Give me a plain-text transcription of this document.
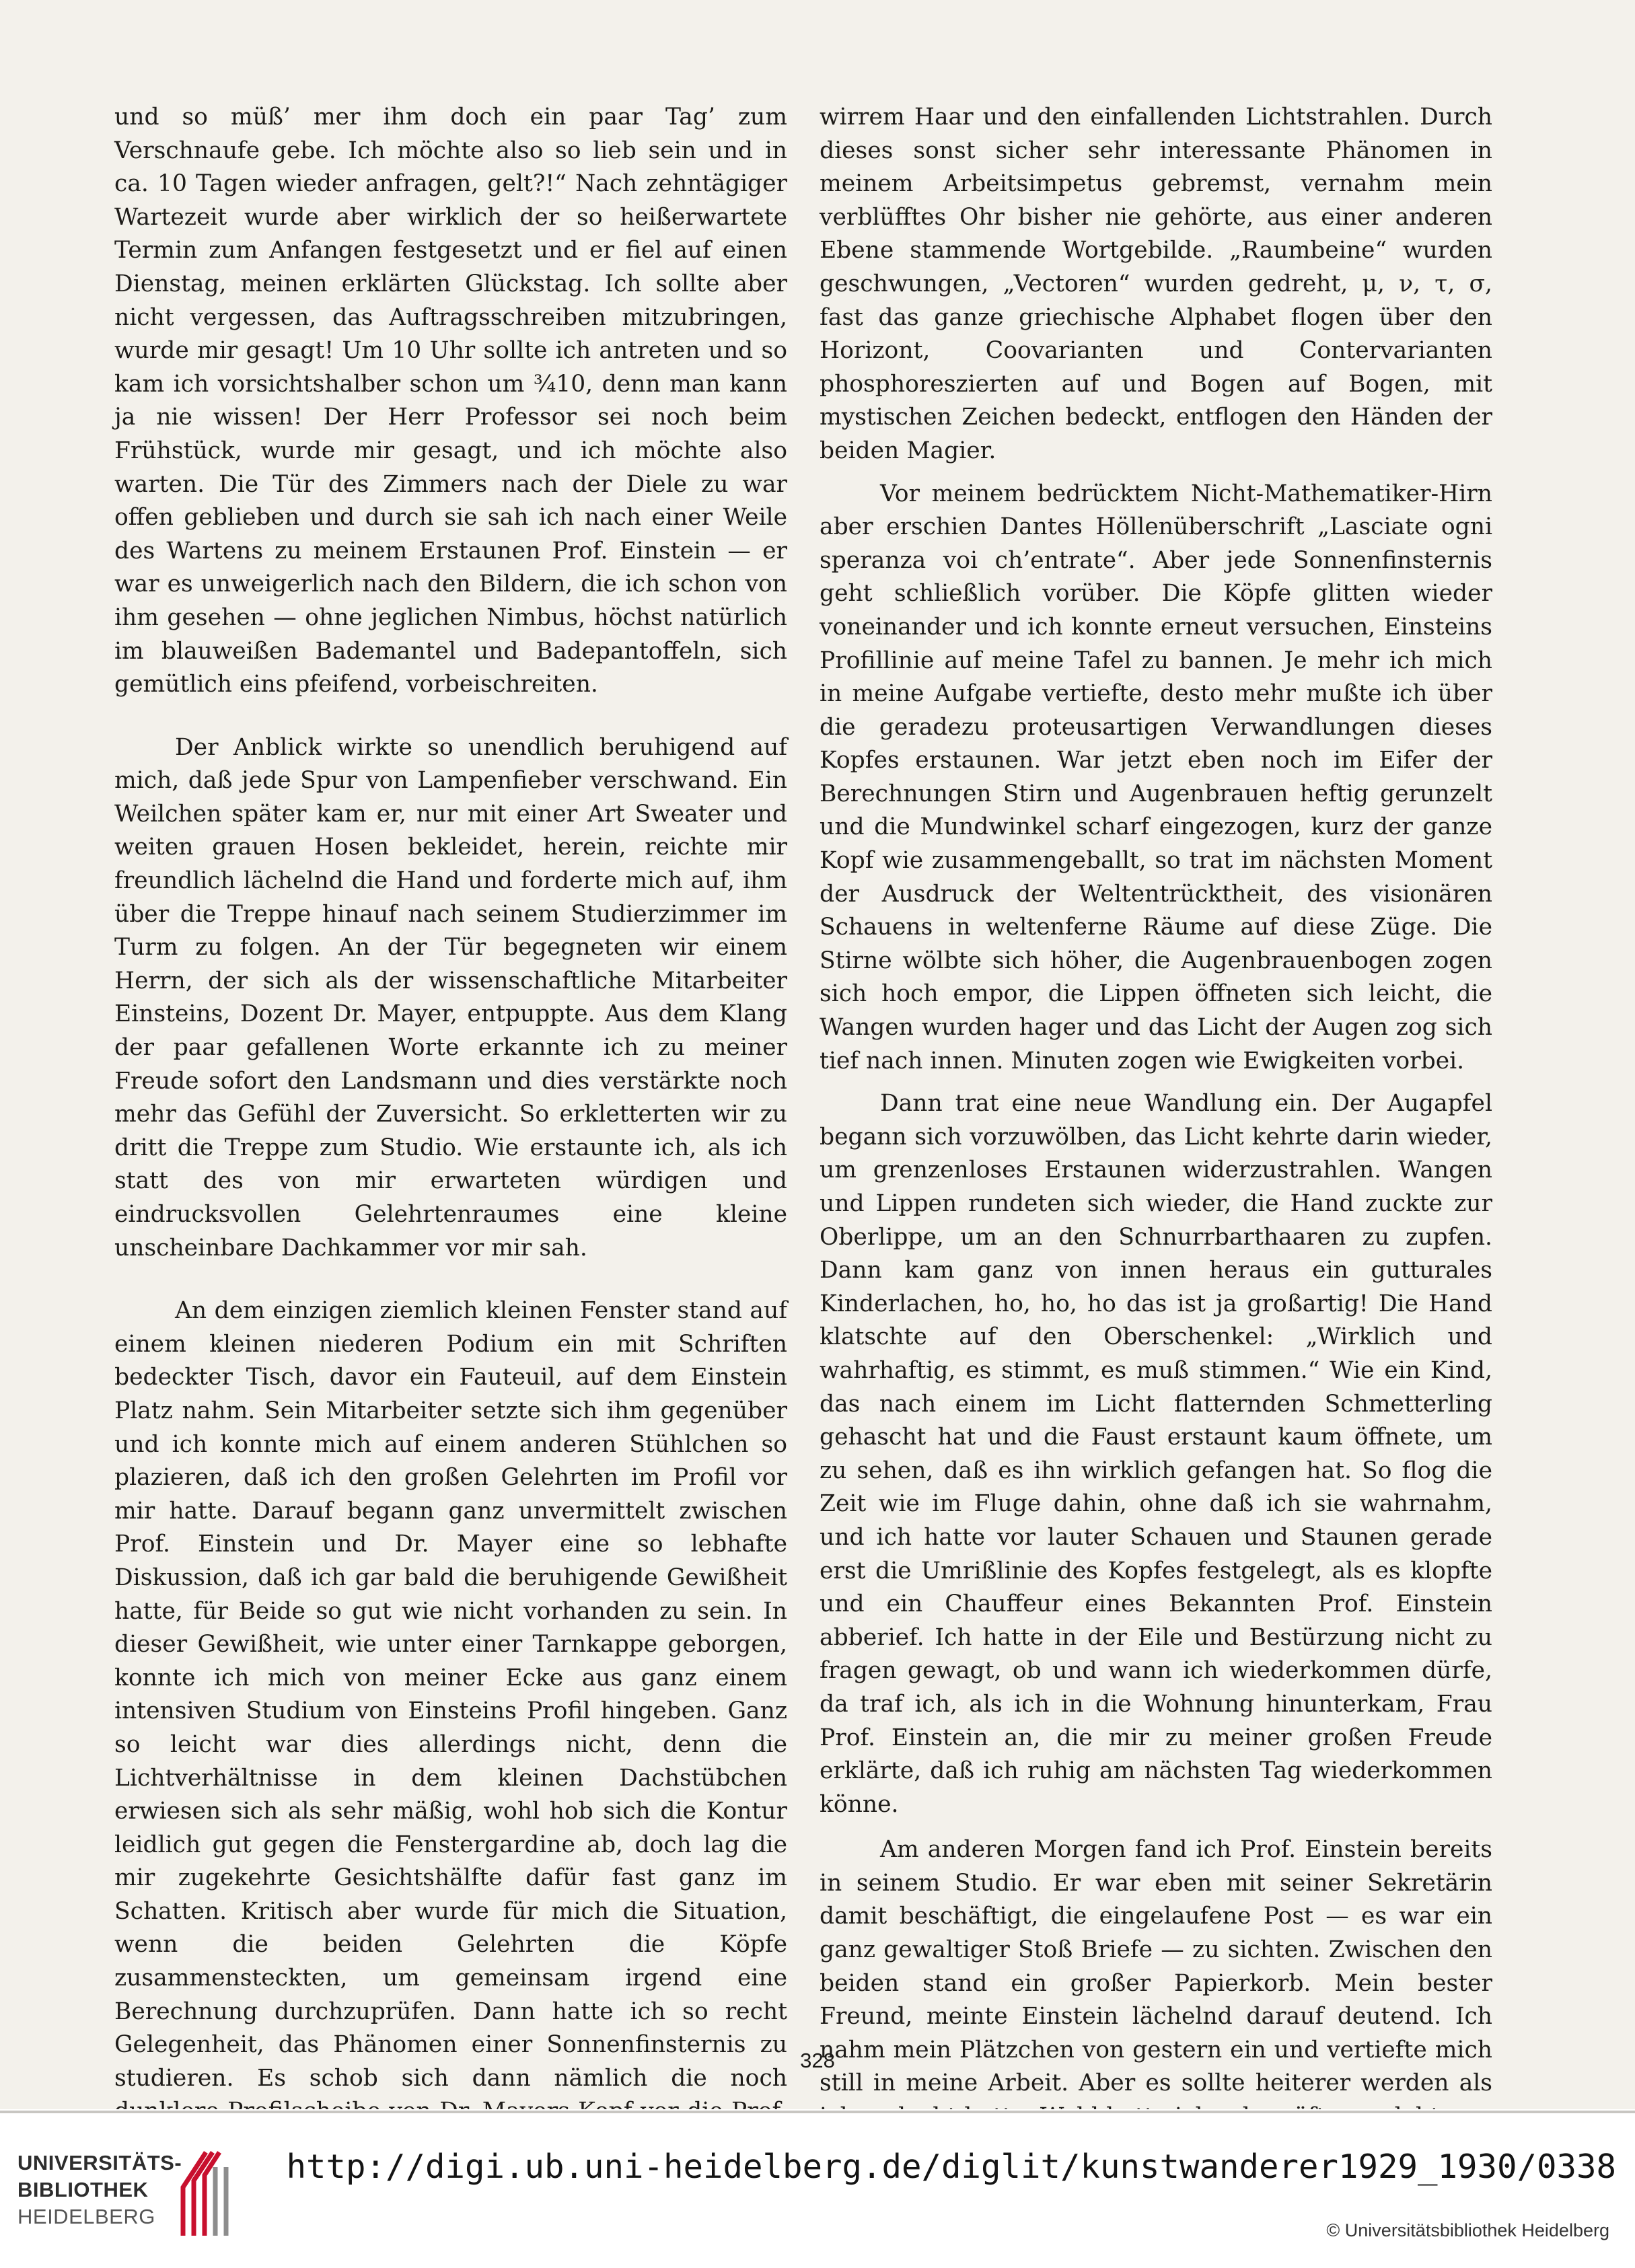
und so müß’ mer ihm doch ein paar Tag’ zum Verschnaufe gebe. Ich möchte also so lieb sein und in ca. 10 Tagen wieder anfragen, gelt?!“ Nach zehntägiger Wartezeit wurde aber wirklich der so heißerwartete Termin zum Anfangen festgesetzt und er fiel auf einen Dienstag, meinen erklärten Glückstag. Ich sollte aber nicht vergessen, das Auftragsschreiben mitzubringen, wurde mir gesagt! Um 10 Uhr sollte ich antreten und so kam ich vorsichtshalber schon um ¾10, denn man kann ja nie wissen! Der Herr Professor sei noch beim Frühstück, wurde mir gesagt, und ich möchte also warten. Die Tür des Zimmers nach der Diele zu war offen geblieben und durch sie sah ich nach einer Weile des Wartens zu meinem Erstaunen Prof. Einstein — er war es unweigerlich nach den Bildern, die ich schon von ihm gesehen — ohne jeglichen Nimbus, höchst natürlich im blauweißen Bademantel und Badepantoffeln, sich gemütlich eins pfeifend, vorbeischreiten.

Der Anblick wirkte so unendlich beruhigend auf mich, daß jede Spur von Lampenfieber verschwand. Ein Weilchen später kam er, nur mit einer Art Sweater und weiten grauen Hosen bekleidet, herein, reichte mir freundlich lächelnd die Hand und forderte mich auf, ihm über die Treppe hinauf nach seinem Studierzimmer im Turm zu folgen. An der Tür begegneten wir einem Herrn, der sich als der wissenschaftliche Mitarbeiter Einsteins, Dozent Dr. Mayer, entpuppte. Aus dem Klang der paar gefallenen Worte erkannte ich zu meiner Freude sofort den Landsmann und dies verstärkte noch mehr das Gefühl der Zuversicht. So erkletterten wir zu dritt die Treppe zum Studio. Wie erstaunte ich, als ich statt des von mir erwarteten würdigen und eindrucksvollen Gelehrtenraumes eine kleine unscheinbare Dachkammer vor mir sah.

An dem einzigen ziemlich kleinen Fenster stand auf einem kleinen niederen Podium ein mit Schriften bedeckter Tisch, davor ein Fauteuil, auf dem Einstein Platz nahm. Sein Mitarbeiter setzte sich ihm gegenüber und ich konnte mich auf einem anderen Stühlchen so plazieren, daß ich den großen Gelehrten im Profil vor mir hatte. Darauf begann ganz unvermittelt zwischen Prof. Einstein und Dr. Mayer eine so lebhafte Diskussion, daß ich gar bald die beruhigende Gewißheit hatte, für Beide so gut wie nicht vorhanden zu sein. In dieser Gewißheit, wie unter einer Tarnkappe geborgen, konnte ich mich von meiner Ecke aus ganz einem intensiven Studium von Einsteins Profil hingeben. Ganz so leicht war dies allerdings nicht, denn die Lichtverhältnisse in dem kleinen Dachstübchen erwiesen sich als sehr mäßig, wohl hob sich die Kontur leidlich gut gegen die Fenstergardine ab, doch lag die mir zugekehrte Gesichtshälfte dafür fast ganz im Schatten. Kritisch aber wurde für mich die Situation, wenn die beiden Gelehrten die Köpfe zusammensteckten, um gemeinsam irgend eine Berechnung durchzuprüfen. Dann hatte ich so recht Gelegenheit, das Phänomen einer Sonnenfinsternis zu studieren. Es schob sich dann nämlich die noch

wirrem Haar und den einfallenden Lichtstrahlen. Durch dieses sonst sicher sehr interessante Phänomen in meinem Arbeitsimpetus gebremst, vernahm mein verblüfftes Ohr bisher nie gehörte, aus einer anderen Ebene stammende Wortgebilde. „Raumbeine“ wurden geschwungen, „Vectoren“ wurden gedreht, μ, ν, τ, σ, fast das ganze griechische Alphabet flogen über den Horizont, Coovarianten und Contervarianten phosphoreszierten auf und Bogen auf Bogen, mit mystischen Zeichen bedeckt, entflogen den Händen der beiden Magier.

Vor meinem bedrücktem Nicht-Mathematiker-Hirn aber erschien Dantes Höllenüberschrift „Lasciate ogni speranza voi ch’entrate“. Aber jede Sonnenfinsternis geht schließlich vorüber. Die Köpfe glitten wieder voneinander und ich konnte erneut versuchen, Einsteins Profillinie auf meine Tafel zu bannen. Je mehr ich mich in meine Aufgabe vertiefte, desto mehr mußte ich über die geradezu proteusartigen Verwandlungen dieses Kopfes erstaunen. War jetzt eben noch im Eifer der Berechnungen Stirn und Augenbrauen heftig gerunzelt und die Mundwinkel scharf eingezogen, kurz der ganze Kopf wie zusammengeballt, so trat im nächsten Moment der Ausdruck der Weltentrücktheit, des visionären Schauens in weltenferne Räume auf diese Züge. Die Stirne wölbte sich höher, die Augenbrauenbogen zogen sich hoch empor, die Lippen öffneten sich leicht, die Wangen wurden hager und das Licht der Augen zog sich tief nach innen. Minuten zogen wie Ewigkeiten vorbei.

Dann trat eine neue Wandlung ein. Der Augapfel begann sich vorzuwölben, das Licht kehrte darin wieder, um grenzenloses Erstaunen widerzustrahlen. Wangen und Lippen rundeten sich wieder, die Hand zuckte zur Oberlippe, um an den Schnurrbarthaaren zu zupfen. Dann kam ganz von innen heraus ein gutturales Kinderlachen, ho, ho, ho das ist ja großartig! Die Hand klatschte auf den Oberschenkel: „Wirklich und wahrhaftig, es stimmt, es muß stimmen.“ Wie ein Kind, das nach einem im Licht flatternden Schmetterling gehascht hat und die Faust erstaunt kaum öffnete, um zu sehen, daß es ihn wirklich gefangen hat. So flog die Zeit wie im Fluge dahin, ohne daß ich sie wahrnahm, und ich hatte vor lauter Schauen und Staunen gerade erst die Umrißlinie des Kopfes festgelegt, als es klopfte und ein Chauffeur eines Bekannten Prof. Einstein abberief. Ich hatte in der Eile und Bestürzung nicht zu fragen gewagt, ob und wann ich wiederkommen dürfe, da traf ich, als ich in die Wohnung hinunterkam, Frau Prof. Einstein an, die mir zu meiner großen Freude erklärte, daß ich ruhig am nächsten Tag wiederkommen könne.

Am anderen Morgen fand ich Prof. Einstein bereits in seinem Studio. Er war eben mit seiner Sekretärin damit beschäftigt, die eingelaufene Post — es war ein ganz gewaltiger Stoß Briefe — zu sichten. Zwischen den beiden stand ein großer Papierkorb. Mein bester Freund, meinte Einstein lächelnd darauf deutend. Ich nahm mein Plätzchen von gestern ein und vertiefte mich still in meine Arbeit. Aber es sollte heiterer werden als

328
UNIVERSITÄTS-
BIBLIOTHEK
HEIDELBERG
http://digi.ub.uni-heidelberg.de/diglit/kunstwanderer1929_1930/0338
© Universitätsbibliothek Heidelberg
